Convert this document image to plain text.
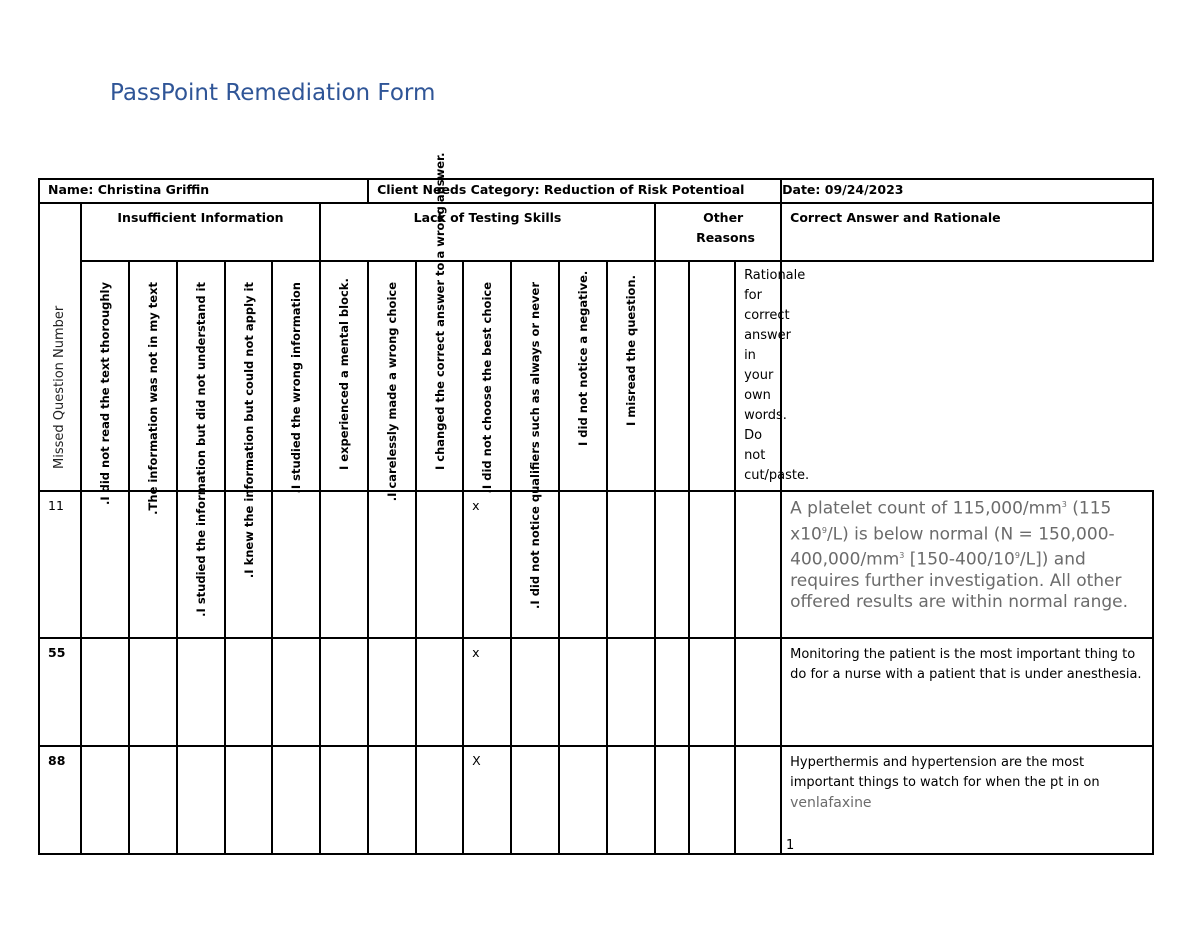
PassPoint Remediation Form
Name: Christina Griffin							Client Needs Category: Reduction of Risk Potentioal									Date: 09/24/2023

Missed Question Number	Insufficient Information					Lack of Testing Skills							Other
Reasons			Correct Answer and Rationale

	I did not read the text thoroughly.	The information was not in my text.	I studied the information but did not understand it.	I knew the information but could not apply it.	I studied the wrong information.	I experienced a mental block.	I carelessly made a wrong choice.	I changed the correct answer to a wrong answer.	I did not choose the best choice.	I did not notice qualifiers such as always or never.	I did not notice a negative.	I misread the question.			Rationale for correct answer in your own words. Do not cut/paste.	

11									x							A platelet count of $115,000/mm^3$ (115 $x10^9/L$) is below normal ($N = 150,000-400,000/mm^3$ $[150-400/10^9/L]$) and requires further investigation. All other offered results are within normal range.

55									x							Monitoring the patient is the most important thing to do for a nurse with a patient that is under anesthesia.

88									X							Hyperthermis and hypertension are the most important things to watch for when the pt in on
venlafaxine
1
